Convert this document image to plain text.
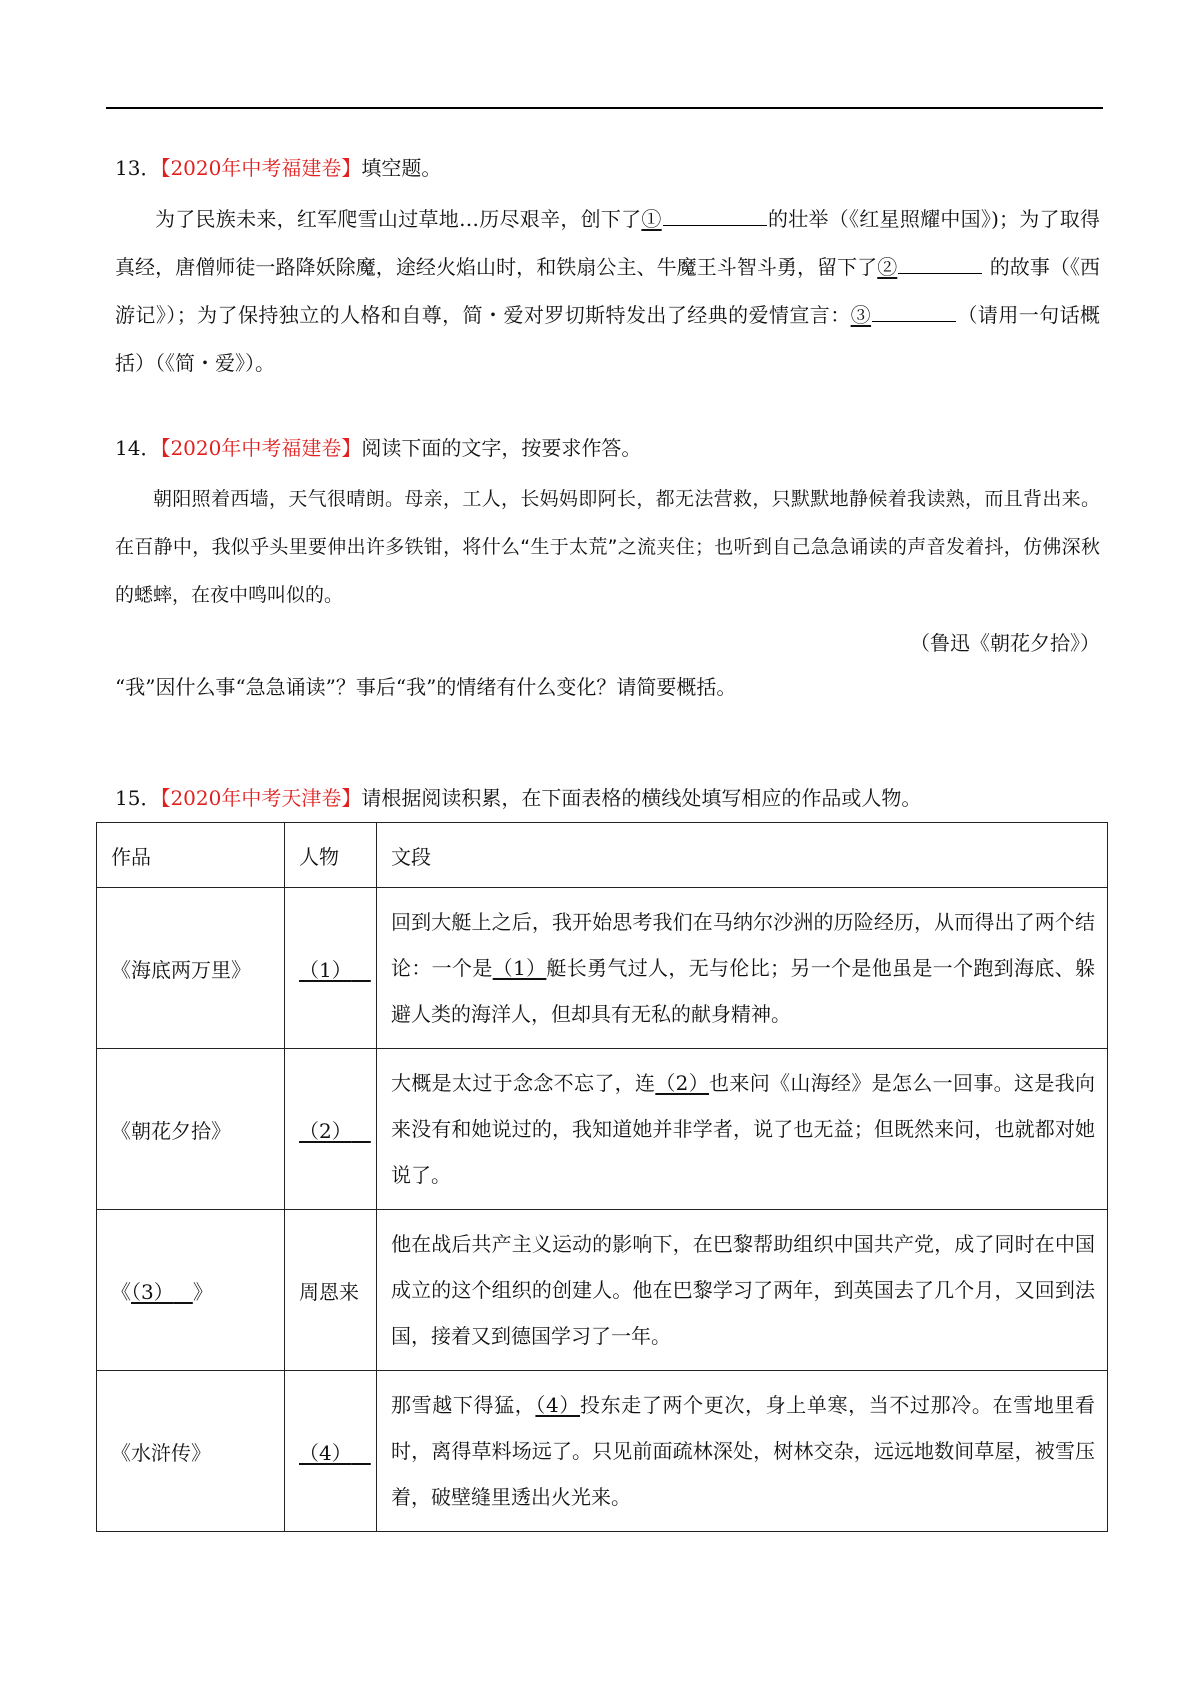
13．【2020年中考福建卷】填空题。

为了民族未来，红军爬雪山过草地…历尽艰辛，创下了①	的壮举（《红星照耀中国》)；为了取得真经，唐僧师徒一路降妖除魔，途经火焰山时，和铁扇公主、牛魔王斗智斗勇，留下了②	的故事（《西游记》）；为了保持独立的人格和自尊，简・爱对罗切斯特发出了经典的爱情宣言：③	（请用一句话概括）（《简・爱》）。

14．【2020年中考福建卷】阅读下面的文字，按要求作答。

朝阳照着西墙，天气很晴朗。母亲，工人，长妈妈即阿长，都无法营救，只默默地静候着我读熟，而且背出来。在百静中，我似乎头里要伸出许多铁钳，将什么“生于太荒”之流夹住；也听到自己急急诵读的声音发着抖，仿佛深秋的蟋蟀，在夜中鸣叫似的。

（鲁迅《朝花夕拾》）
“我”因什么事“急急诵读”？事后“我”的情绪有什么变化？请简要概括。
15．【2020年中考天津卷】请根据阅读积累，在下面表格的横线处填写相应的作品或人物。
作品	人物	文段
《海底两万里》	（1）	回到大艇上之后，我开始思考我们在马纳尔沙洲的历险经历，从而得出了两个结论：一个是（1）艇长勇气过人，无与伦比；另一个是他虽是一个跑到海底、躲避人类的海洋人，但却具有无私的献身精神。
《朝花夕拾》	（2）	大概是太过于念念不忘了，连（2）也来问《山海经》是怎么一回事。这是我向来没有和她说过的，我知道她并非学者，说了也无益；但既然来问，也就都对她说了。
《（3） 》	周恩来	他在战后共产主义运动的影响下，在巴黎帮助组织中国共产党，成了同时在中国成立的这个组织的创建人。他在巴黎学习了两年，到英国去了几个月，又回到法国，接着又到德国学习了一年。
《水浒传》	（4）	那雪越下得猛，（4）投东走了两个更次，身上单寒，当不过那冷。在雪地里看时，离得草料场远了。只见前面疏林深处，树林交杂，远远地数间草屋，被雪压着，破壁缝里透出火光来。
